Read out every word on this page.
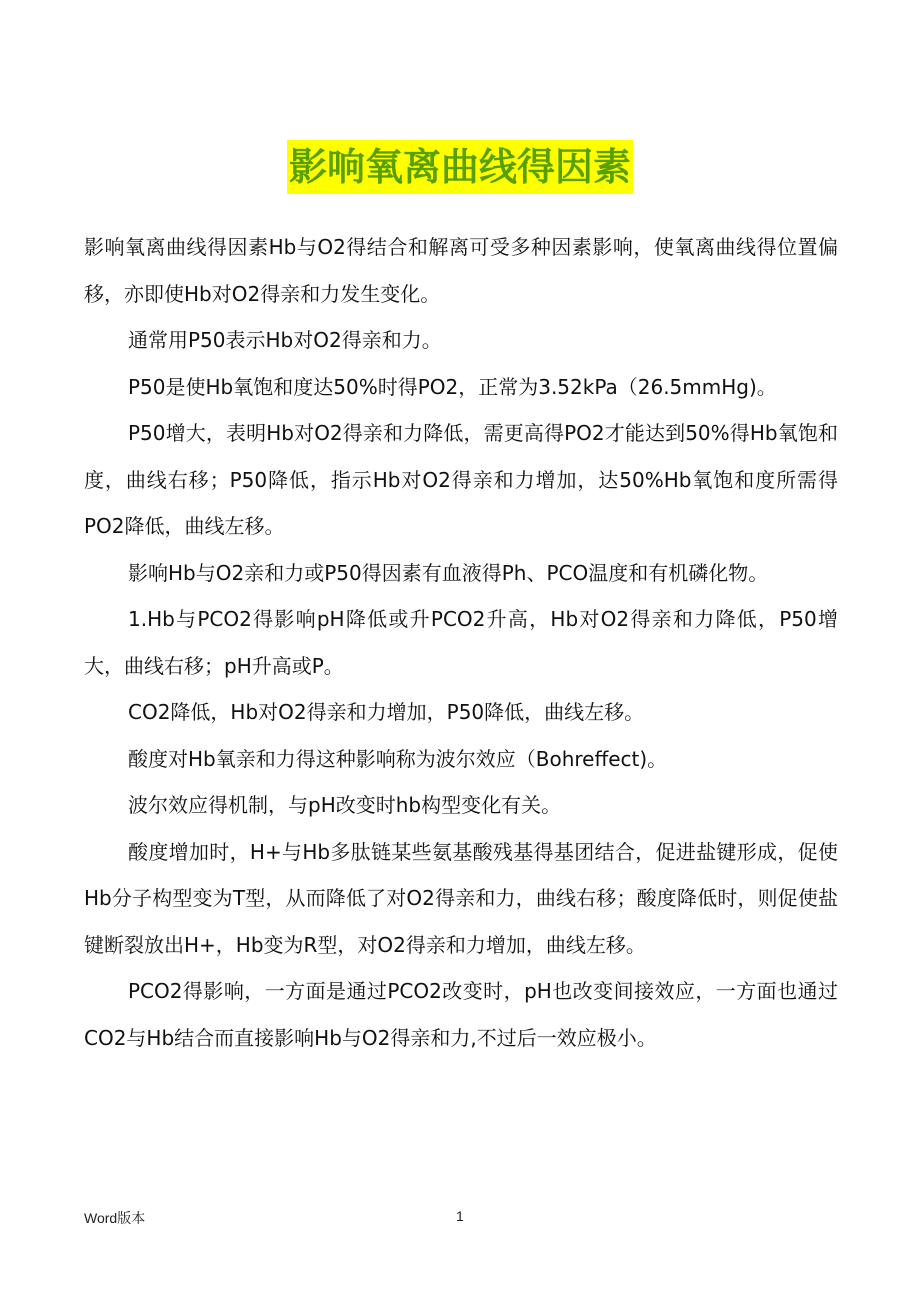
影响氧离曲线得因素

影响氧离曲线得因素Hb与O2得结合和解离可受多种因素影响，使氧离曲线得位置偏移，亦即使Hb对O2得亲和力发生变化。

通常用P50表示Hb对O2得亲和力。

P50是使Hb氧饱和度达50%时得PO2，正常为3.52kPa（26.5mmHg)。

P50增大，表明Hb对O2得亲和力降低，需更高得PO2才能达到50%得Hb氧饱和度，曲线右移；P50降低，指示Hb对O2得亲和力增加，达50%Hb氧饱和度所需得PO2降低，曲线左移。

影响Hb与O2亲和力或P50得因素有血液得Ph、PCO温度和有机磷化物。

1.Hb与PCO2得影响pH降低或升PCO2升高，Hb对O2得亲和力降低，P50增大，曲线右移；pH升高或P。

CO2降低，Hb对O2得亲和力增加，P50降低，曲线左移。

酸度对Hb氧亲和力得这种影响称为波尔效应（Bohreffect)。

波尔效应得机制，与pH改变时hb构型变化有关。

酸度增加时，H+与Hb多肽链某些氨基酸残基得基团结合，促进盐键形成，促使Hb分子构型变为T型，从而降低了对O2得亲和力，曲线右移；酸度降低时，则促使盐键断裂放出H+，Hb变为R型，对O2得亲和力增加，曲线左移。

PCO2得影响，一方面是通过PCO2改变时，pH也改变间接效应，一方面也通过CO2与Hb结合而直接影响Hb与O2得亲和力,不过后一效应极小。

Word版本	1
